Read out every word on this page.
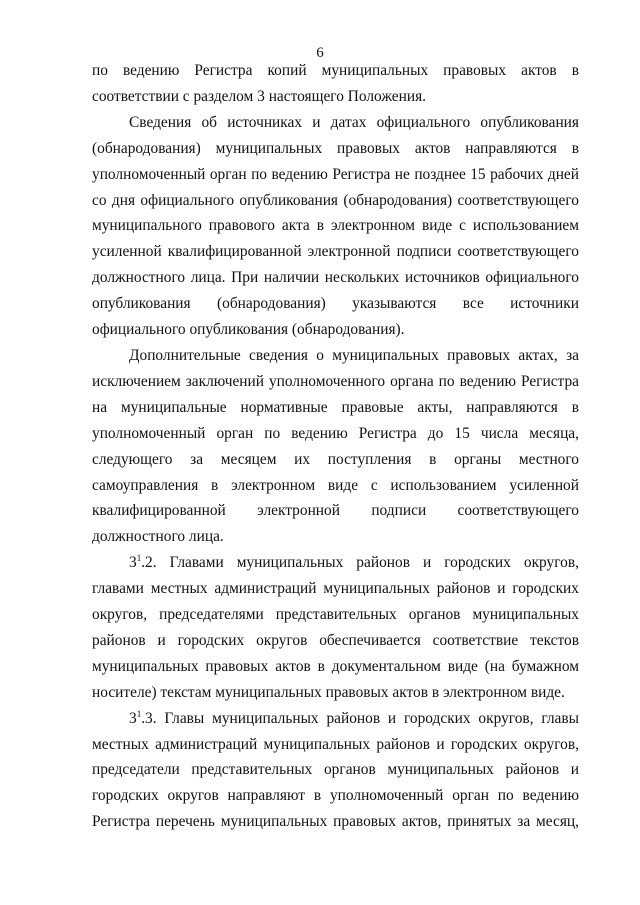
6

по ведению Регистра копий муниципальных правовых актов в соответствии с разделом 3 настоящего Положения.

Сведения об источниках и датах официального опубликования (обнародования) муниципальных правовых актов направляются в уполномоченный орган по ведению Регистра не позднее 15 рабочих дней со дня официального опубликования (обнародования) соответствующего муниципального правового акта в электронном виде с использованием усиленной квалифицированной электронной подписи соответствующего должностного лица. При наличии нескольких источников официального опубликования (обнародования) указываются все источники официального опубликования (обнародования).

Дополнительные сведения о муниципальных правовых актах, за исключением заключений уполномоченного органа по ведению Регистра на муниципальные нормативные правовые акты, направляются в уполномоченный орган по ведению Регистра до 15 числа месяца, следующего за месяцем их поступления в органы местного самоуправления в электронном виде с использованием усиленной квалифицированной электронной подписи соответствующего должностного лица.

$3^1.2$. Главами муниципальных районов и городских округов, главами местных администраций муниципальных районов и городских округов, председателями представительных органов муниципальных районов и городских округов обеспечивается соответствие текстов муниципальных правовых актов в документальном виде (на бумажном носителе) текстам муниципальных правовых актов в электронном виде.

$3^1.3$. Главы муниципальных районов и городских округов, главы местных администраций муниципальных районов и городских округов, председатели представительных органов муниципальных районов и городских округов направляют в уполномоченный орган по ведению Регистра перечень муниципальных правовых актов, принятых за месяц,
